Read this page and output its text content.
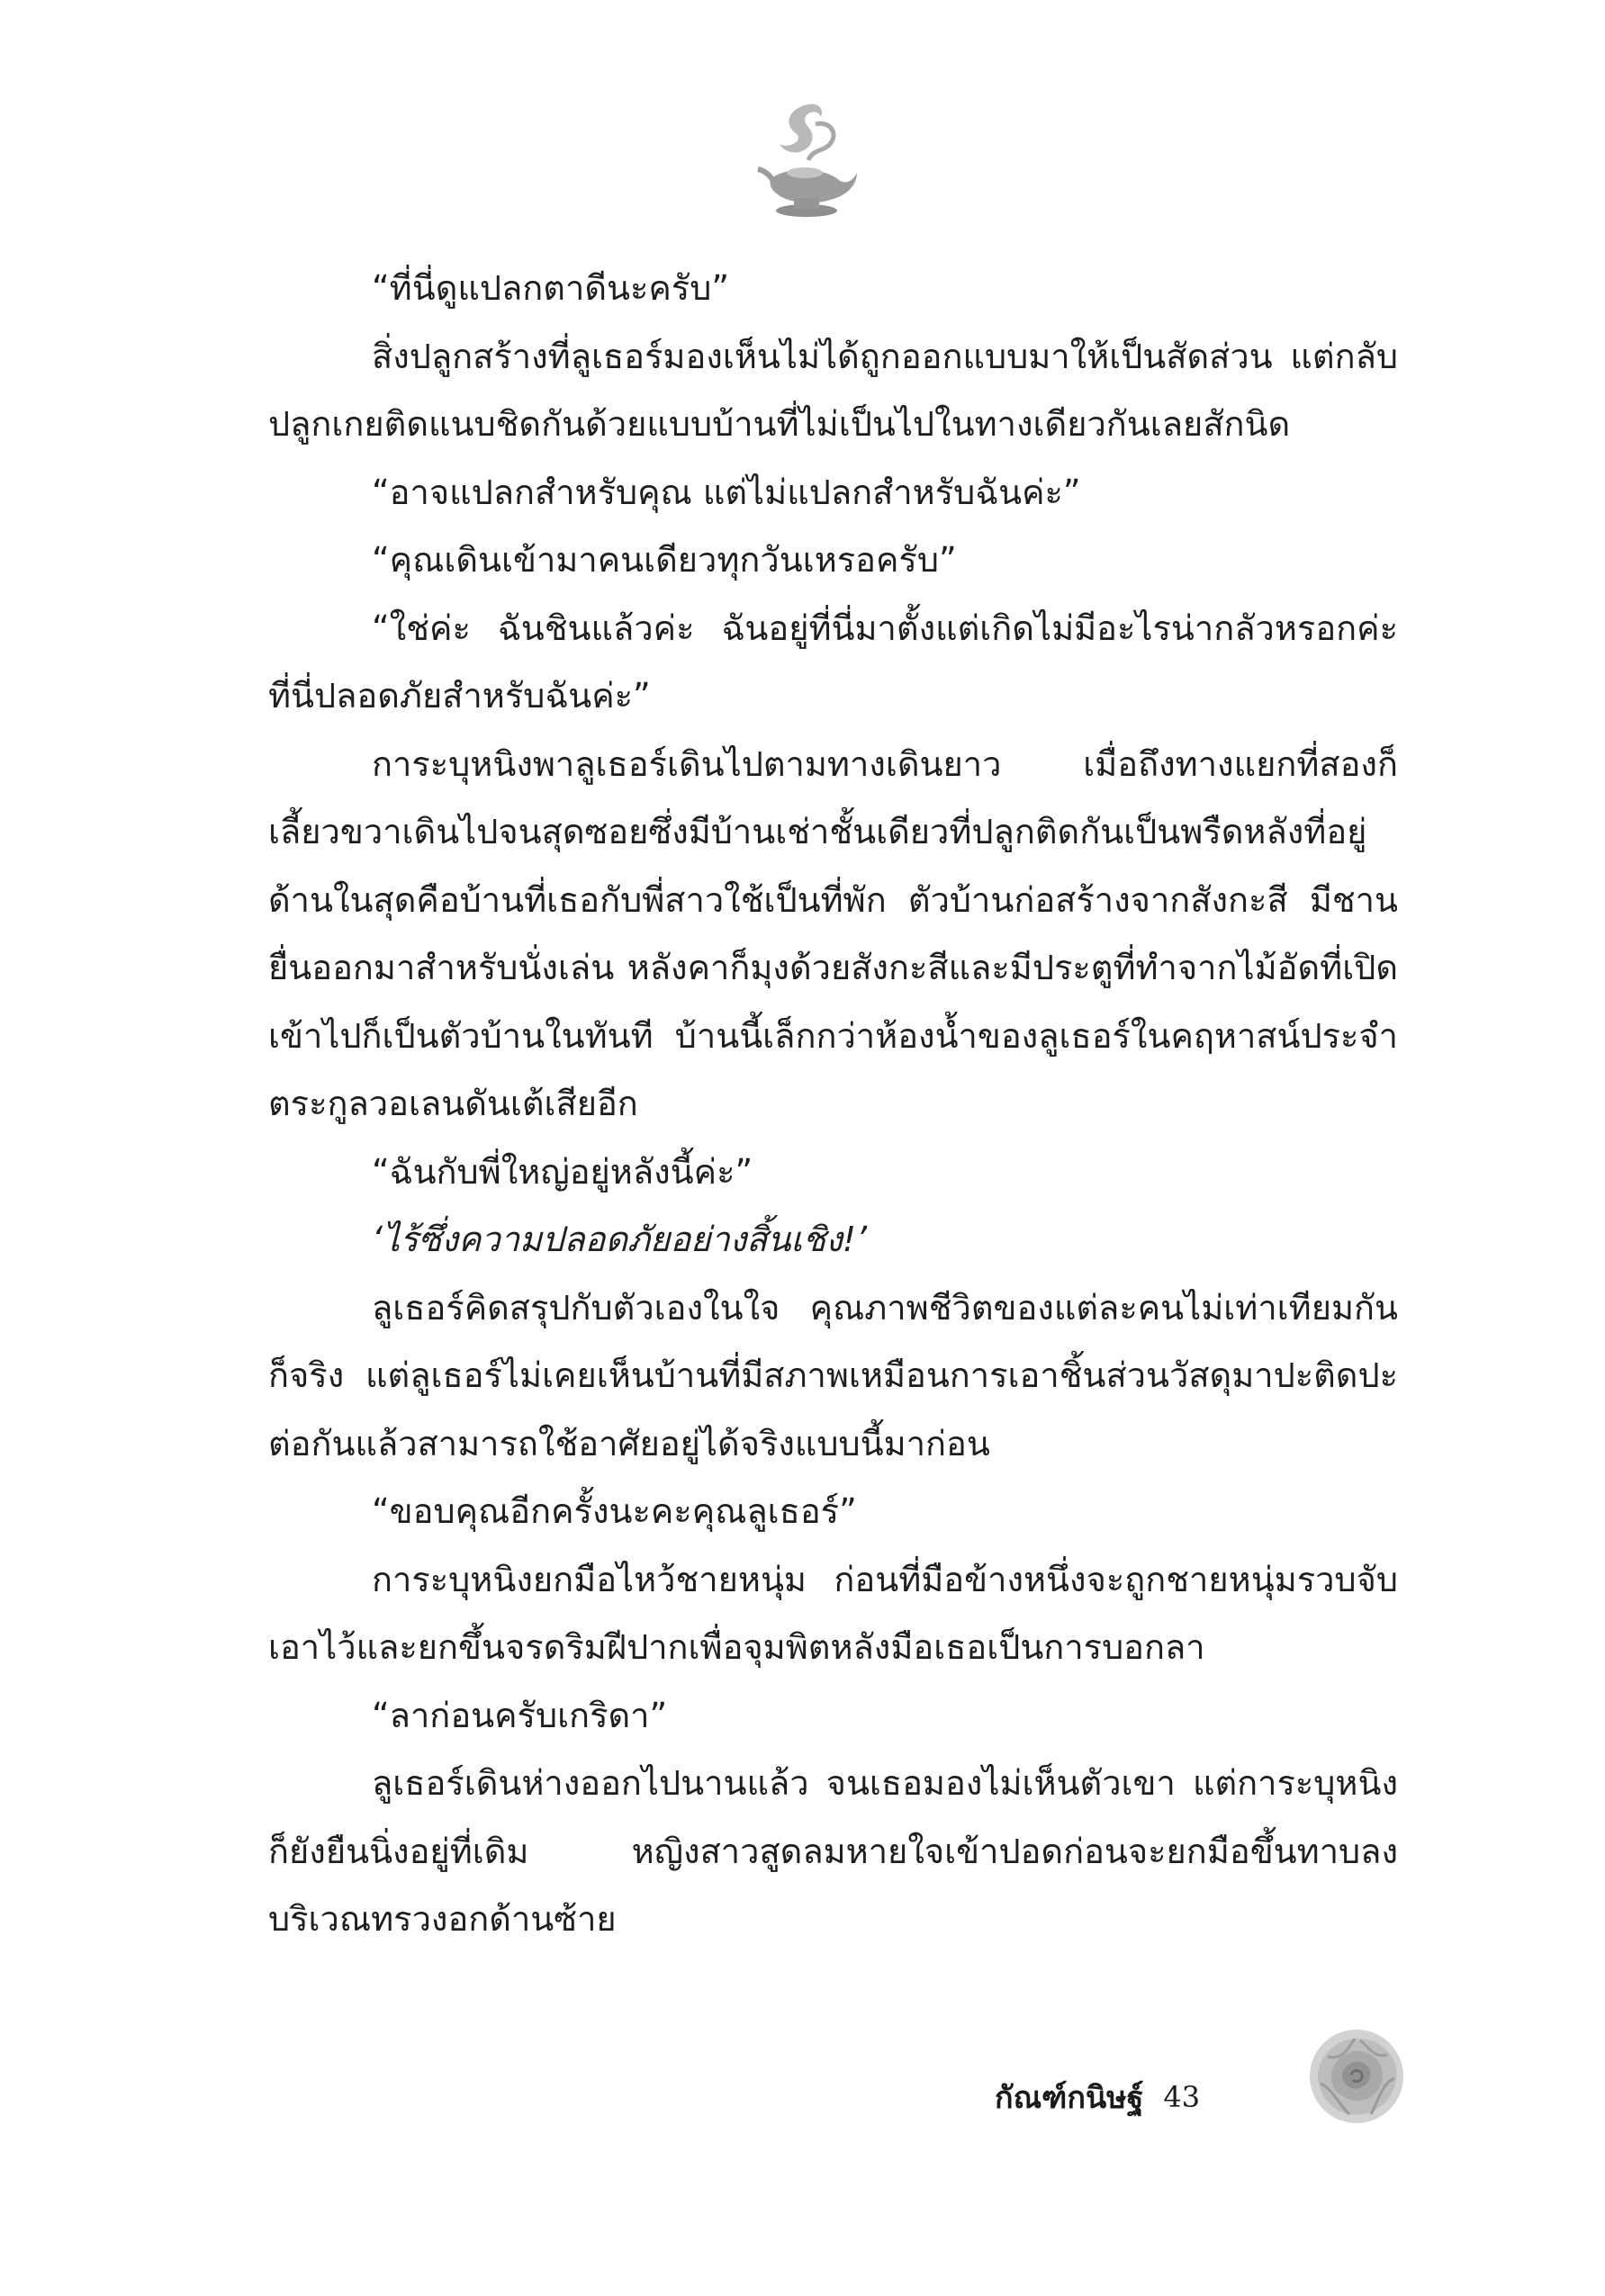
“ที่นี่ดูแปลกตาดีนะครับ”

สิ่งปลูกสร้างที่ลูเธอร์มองเห็นไม่ได้ถูกออกแบบมาให้เป็นสัดส่วน แต่กลับปลูกเกยติดแนบชิดกันด้วยแบบบ้านที่ไม่เป็นไปในทางเดียวกันเลยสักนิด

“อาจแปลกสำหรับคุณ แต่ไม่แปลกสำหรับฉันค่ะ”

“คุณเดินเข้ามาคนเดียวทุกวันเหรอครับ”

“ใช่ค่ะ ฉันชินแล้วค่ะ ฉันอยู่ที่นี่มาตั้งแต่เกิดไม่มีอะไรน่ากลัวหรอกค่ะ ที่นี่ปลอดภัยสำหรับฉันค่ะ”

การะบุหนิงพาลูเธอร์เดินไปตามทางเดินยาว เมื่อถึงทางแยกที่สองก็เลี้ยวขวาเดินไปจนสุดซอยซึ่งมีบ้านเช่าชั้นเดียวที่ปลูกติดกันเป็นพรืดหลังที่อยู่ด้านในสุดคือบ้านที่เธอกับพี่สาวใช้เป็นที่พัก ตัวบ้านก่อสร้างจากสังกะสี มีชานยื่นออกมาสำหรับนั่งเล่น หลังคาก็มุงด้วยสังกะสีและมีประตูที่ทำจากไม้อัดที่เปิดเข้าไปก็เป็นตัวบ้านในทันที บ้านนี้เล็กกว่าห้องน้ำของลูเธอร์ในคฤหาสน์ประจำตระกูลวอเลนดันเต้เสียอีก

“ฉันกับพี่ใหญ่อยู่หลังนี้ค่ะ”

‘ไร้ซึ่งความปลอดภัยอย่างสิ้นเชิง!’

ลูเธอร์คิดสรุปกับตัวเองในใจ คุณภาพชีวิตของแต่ละคนไม่เท่าเทียมกันก็จริง แต่ลูเธอร์ไม่เคยเห็นบ้านที่มีสภาพเหมือนการเอาชิ้นส่วนวัสดุมาปะติดปะต่อกันแล้วสามารถใช้อาศัยอยู่ได้จริงแบบนี้มาก่อน

“ขอบคุณอีกครั้งนะคะคุณลูเธอร์”

การะบุหนิงยกมือไหว้ชายหนุ่ม ก่อนที่มือข้างหนึ่งจะถูกชายหนุ่มรวบจับเอาไว้และยกขึ้นจรดริมฝีปากเพื่อจุมพิตหลังมือเธอเป็นการบอกลา

“ลาก่อนครับเกริดา”

ลูเธอร์เดินห่างออกไปนานแล้ว จนเธอมองไม่เห็นตัวเขา แต่การะบุหนิงก็ยังยืนนิ่งอยู่ที่เดิม หญิงสาวสูดลมหายใจเข้าปอดก่อนจะยกมือขึ้นทาบลงบริเวณทรวงอกด้านซ้าย

กัณฑ์กนิษฐ์ 43
